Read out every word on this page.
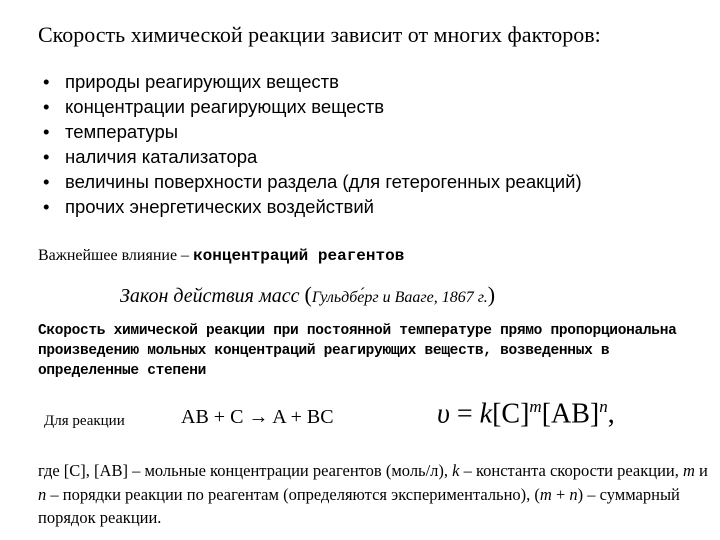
Скорость химической реакции зависит от многих факторов:
• природы реагирующих веществ
• концентрации реагирующих веществ
• температуры
• наличия катализатора
• величины поверхности раздела (для гетерогенных реакций)
• прочих энергетических воздействий
Важнейшее влияние – концентраций реагентов
Закон действия масс (Гульдбе́рг и Вааге, 1867 г.)
Скорость химической реакции при постоянной температуре прямо пропорциональна произведению мольных концентраций реагирующих веществ, возведенных в определенные степени
Для реакции	AB + C → A + BC	$\upsilon = k[C]^m[AB]^n$,
где [C], [AB] – мольные концентрации реагентов (моль/л), k – константа скорости реакции, m и n – порядки реакции по реагентам (определяются экспериментально), (m + n) – суммарный порядок реакции.
